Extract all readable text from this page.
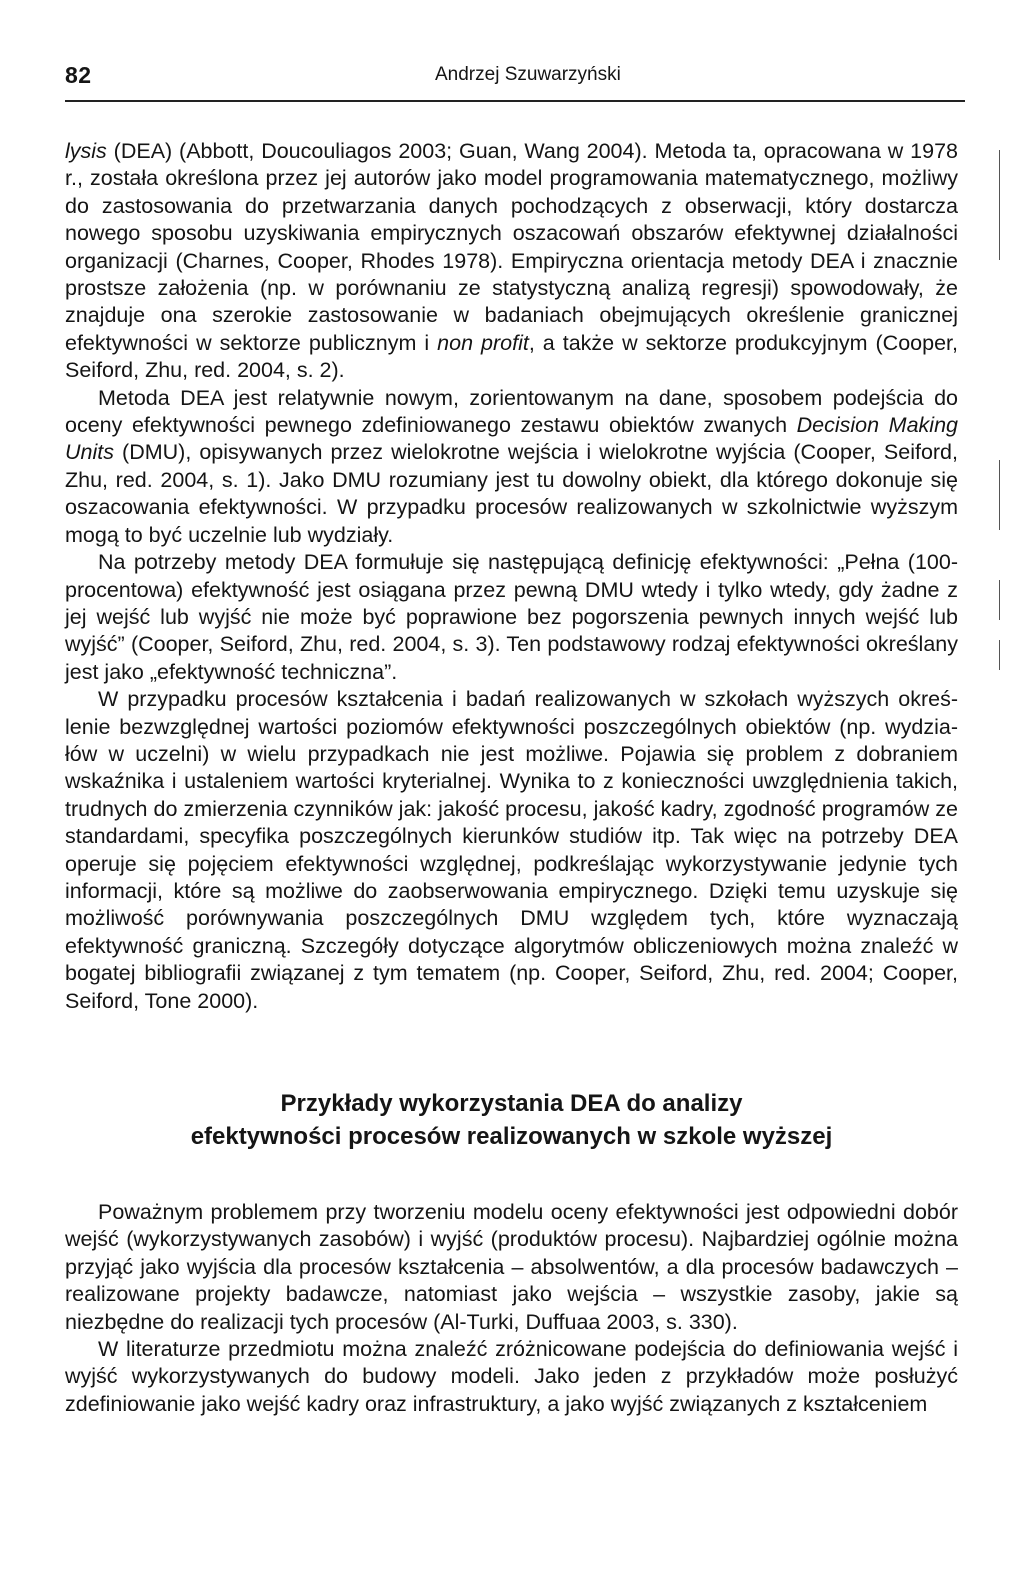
82	Andrzej Szuwarzyński

lysis (DEA) (Abbott, Doucouliagos 2003; Guan, Wang 2004). Metoda ta, opracowana w 1978 r., została określona przez jej autorów jako model programowania matematycznego, możliwy do zastosowania do przetwarzania danych pochodzących z obserwacji, który dostarcza nowego sposobu uzyskiwania empirycznych oszacowań obszarów efektywnej działalności organizacji (Charnes, Cooper, Rhodes 1978). Empiryczna orientacja metody DEA i znacznie prostsze założenia (np. w porównaniu ze statystyczną analizą regresji) spowodowały, że znajduje ona szerokie zastosowanie w badaniach obejmujących określenie granicznej efektywności w sektorze publicznym i non profit, a także w sektorze produkcyjnym (Cooper, Seiford, Zhu, red. 2004, s. 2).

Metoda DEA jest relatywnie nowym, zorientowanym na dane, sposobem podejścia do oceny efektywności pewnego zdefiniowanego zestawu obiektów zwanych Decision Making Units (DMU), opisywanych przez wielokrotne wejścia i wielokrotne wyjścia (Cooper, Seiford, Zhu, red. 2004, s. 1). Jako DMU rozumiany jest tu dowolny obiekt, dla którego dokonuje się oszacowania efektywności. W przypadku procesów realizowanych w szkolnictwie wyższym mogą to być uczelnie lub wydziały.

Na potrzeby metody DEA formułuje się następującą definicję efektywności: „Pełna (100-procentowa) efektywność jest osiągana przez pewną DMU wtedy i tylko wtedy, gdy żadne z jej wejść lub wyjść nie może być poprawione bez pogorszenia pewnych innych wejść lub wyjść” (Cooper, Seiford, Zhu, red. 2004, s. 3). Ten podstawowy rodzaj efektywności określany jest jako „efektywność techniczna”.

W przypadku procesów kształcenia i badań realizowanych w szkołach wyższych określenie bezwzględnej wartości poziomów efektywności poszczególnych obiektów (np. wydziałów w uczelni) w wielu przypadkach nie jest możliwe. Pojawia się problem z dobraniem wskaźnika i ustaleniem wartości kryterialnej. Wynika to z konieczności uwzględnienia takich, trudnych do zmierzenia czynników jak: jakość procesu, jakość kadry, zgodność programów ze standardami, specyfika poszczególnych kierunków studiów itp. Tak więc na potrzeby DEA operuje się pojęciem efektywności względnej, podkreślając wykorzystywanie jedynie tych informacji, które są możliwe do zaobserwowania empirycznego. Dzięki temu uzyskuje się możliwość porównywania poszczególnych DMU względem tych, które wyznaczają efektywność graniczną. Szczegóły dotyczące algorytmów obliczeniowych można znaleźć w bogatej bibliografii związanej z tym tematem (np. Cooper, Seiford, Zhu, red. 2004; Cooper, Seiford, Tone 2000).

Przykłady wykorzystania DEA do analizy
efektywności procesów realizowanych w szkole wyższej

Poważnym problemem przy tworzeniu modelu oceny efektywności jest odpowiedni dobór wejść (wykorzystywanych zasobów) i wyjść (produktów procesu). Najbardziej ogólnie można przyjąć jako wyjścia dla procesów kształcenia – absolwentów, a dla procesów badawczych – realizowane projekty badawcze, natomiast jako wejścia – wszystkie zasoby, jakie są niezbędne do realizacji tych procesów (Al-Turki, Duffuaa 2003, s. 330).

W literaturze przedmiotu można znaleźć zróżnicowane podejścia do definiowania wejść i wyjść wykorzystywanych do budowy modeli. Jako jeden z przykładów może posłużyć zdefiniowanie jako wejść kadry oraz infrastruktury, a jako wyjść związanych z kształceniem
